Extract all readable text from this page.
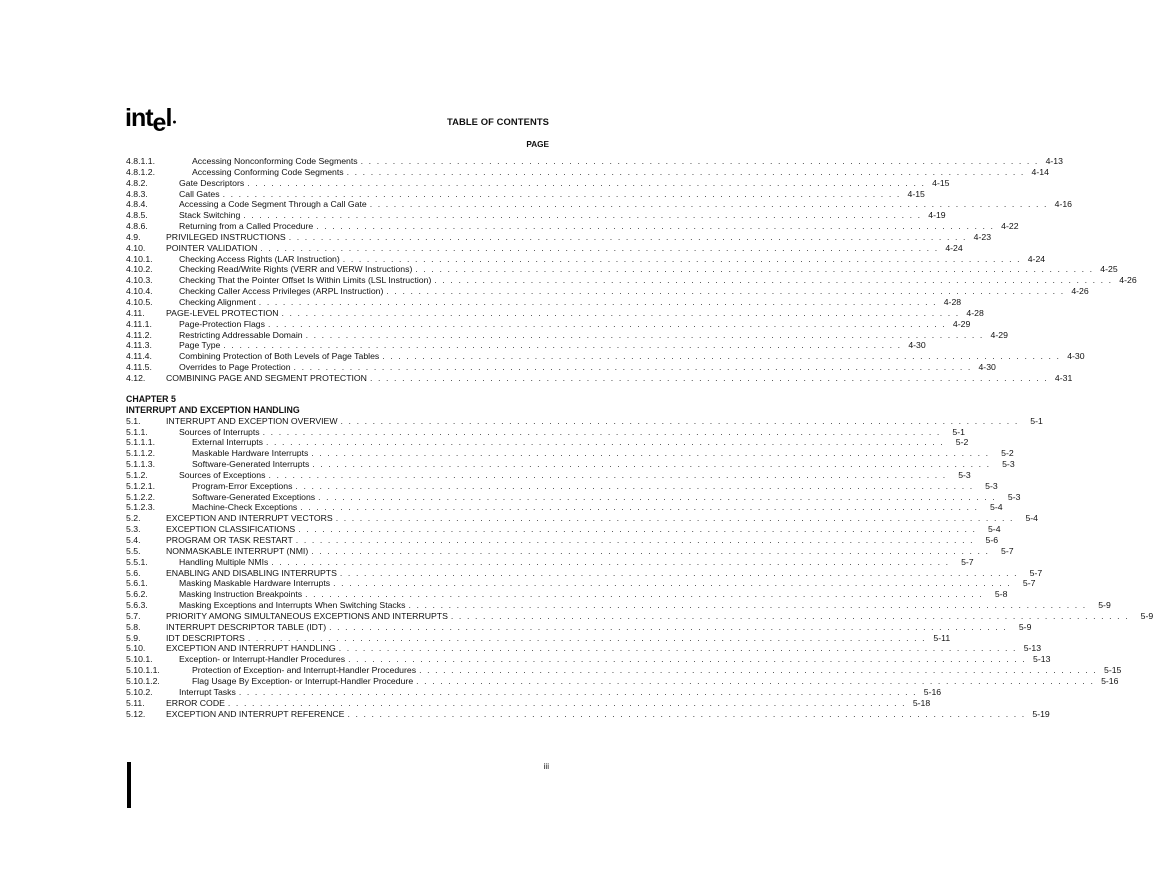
intel●	TABLE OF CONTENTS
PAGE
4.8.1.1.	Accessing Nonconforming Code Segments . . . . . . . . . . . . . . . . . . . . . . . . . . . . . . . . . . . . . . . . . . . . . . . . . . . . . . . . . . . . . . . . . . . . . . . . . . . . . . . . . . . . . 4-13
4.8.1.2.	Accessing Conforming Code Segments . . . . . . . . . . . . . . . . . . . . . . . . . . . . . . . . . . . . . . . . . . . . . . . . . . . . . . . . . . . . . . . . . . . . . . . . . . . . . . . . . . . . . 4-14
4.8.2.	Gate Descriptors . . . . . . . . . . . . . . . . . . . . . . . . . . . . . . . . . . . . . . . . . . . . . . . . . . . . . . . . . . . . . . . . . . . . . . . . . . . . . . . . . . . . . 4-15
4.8.3.	Call Gates . . . . . . . . . . . . . . . . . . . . . . . . . . . . . . . . . . . . . . . . . . . . . . . . . . . . . . . . . . . . . . . . . . . . . . . . . . . . . . . . . . . . . 4-15
4.8.4.	Accessing a Code Segment Through a Call Gate . . . . . . . . . . . . . . . . . . . . . . . . . . . . . . . . . . . . . . . . . . . . . . . . . . . . . . . . . . . . . . . . . . . . . . . . . . . . . . . . . . . . . 4-16
4.8.5.	Stack Switching . . . . . . . . . . . . . . . . . . . . . . . . . . . . . . . . . . . . . . . . . . . . . . . . . . . . . . . . . . . . . . . . . . . . . . . . . . . . . . . . . . . . . 4-19
4.8.6.	Returning from a Called Procedure . . . . . . . . . . . . . . . . . . . . . . . . . . . . . . . . . . . . . . . . . . . . . . . . . . . . . . . . . . . . . . . . . . . . . . . . . . . . . . . . . . . . . 4-22
4.9.	PRIVILEGED INSTRUCTIONS . . . . . . . . . . . . . . . . . . . . . . . . . . . . . . . . . . . . . . . . . . . . . . . . . . . . . . . . . . . . . . . . . . . . . . . . . . . . . . . . . . . . . 4-23
4.10. POINTER VALIDATION . . . . . . . . . . . . . . . . . . . . . . . . . . . . . . . . . . . . . . . . . . . . . . . . . . . . . . . . . . . . . . . . . . . . . . . . . . . . . . . . . . . . . 4-24
4.10.1.	Checking Access Rights (LAR Instruction) . . . . . . . . . . . . . . . . . . . . . . . . . . . . . . . . . . . . . . . . . . . . . . . . . . . . . . . . . . . . . . . . . . . . . . . . . . . . . . . . . . . . . 4-24
4.10.2.	Checking Read/Write Rights (VERR and VERW Instructions) . . . . . . . . . . . . . . . . . . . . . . . . . . . . . . . . . . . . . . . . . . . . . . . . . . . . . . . . . . . . . . . . . . . . . . . . . . . . . . . . . . . . . 4-25
4.10.3.	Checking That the Pointer Offset Is Within Limits (LSL Instruction) . . . . . . . . . . . . . . . . . . . . . . . . . . . . . . . . . . . . . . . . . . . . . . . . . . . . . . . . . . . . . . . . . . . . . . . . . . . . . . . . . . . . . 4-26
4.10.4.	Checking Caller Access Privileges (ARPL Instruction) . . . . . . . . . . . . . . . . . . . . . . . . . . . . . . . . . . . . . . . . . . . . . . . . . . . . . . . . . . . . . . . . . . . . . . . . . . . . . . . . . . . . . 4-26
4.10.5.	Checking Alignment . . . . . . . . . . . . . . . . . . . . . . . . . . . . . . . . . . . . . . . . . . . . . . . . . . . . . . . . . . . . . . . . . . . . . . . . . . . . . . . . . . . . . 4-28
4.11. PAGE-LEVEL PROTECTION . . . . . . . . . . . . . . . . . . . . . . . . . . . . . . . . . . . . . . . . . . . . . . . . . . . . . . . . . . . . . . . . . . . . . . . . . . . . . . . . . . . . . 4-28
4.11.1.	Page-Protection Flags . . . . . . . . . . . . . . . . . . . . . . . . . . . . . . . . . . . . . . . . . . . . . . . . . . . . . . . . . . . . . . . . . . . . . . . . . . . . . . . . . . . . . 4-29
4.11.2.	Restricting Addressable Domain . . . . . . . . . . . . . . . . . . . . . . . . . . . . . . . . . . . . . . . . . . . . . . . . . . . . . . . . . . . . . . . . . . . . . . . . . . . . . . . . . . . . . 4-29
4.11.3.	Page Type . . . . . . . . . . . . . . . . . . . . . . . . . . . . . . . . . . . . . . . . . . . . . . . . . . . . . . . . . . . . . . . . . . . . . . . . . . . . . . . . . . . . . 4-30
4.11.4.	Combining Protection of Both Levels of Page Tables . . . . . . . . . . . . . . . . . . . . . . . . . . . . . . . . . . . . . . . . . . . . . . . . . . . . . . . . . . . . . . . . . . . . . . . . . . . . . . . . . . . . . 4-30
4.11.5.	Overrides to Page Protection . . . . . . . . . . . . . . . . . . . . . . . . . . . . . . . . . . . . . . . . . . . . . . . . . . . . . . . . . . . . . . . . . . . . . . . . . . . . . . . . . . . . . 4-30
4.12. COMBINING PAGE AND SEGMENT PROTECTION . . . . . . . . . . . . . . . . . . . . . . . . . . . . . . . . . . . . . . . . . . . . . . . . . . . . . . . . . . . . . . . . . . . . . . . . . . . . . . . . . . . . . 4-31
CHAPTER 5
INTERRUPT AND EXCEPTION HANDLING
5.1.	INTERRUPT AND EXCEPTION OVERVIEW . . . . . . . . . . . . . . . . . . . . . . . . . . . . . . . . . . . . . . . . . . . . . . . . . . . . . . . . . . . . . . . . . . . . . . . . . . . . . . . . . . . . .	5-1
5.1.1.	Sources of Interrupts . . . . . . . . . . . . . . . . . . . . . . . . . . . . . . . . . . . . . . . . . . . . . . . . . . . . . . . . . . . . . . . . . . . . . . . . . . . . . . . . . . . . .	5-1
5.1.1.1.	External Interrupts . . . . . . . . . . . . . . . . . . . . . . . . . . . . . . . . . . . . . . . . . . . . . . . . . . . . . . . . . . . . . . . . . . . . . . . . . . . . . . . . . . . . .	5-2
5.1.1.2.	Maskable Hardware Interrupts . . . . . . . . . . . . . . . . . . . . . . . . . . . . . . . . . . . . . . . . . . . . . . . . . . . . . . . . . . . . . . . . . . . . . . . . . . . . . . . . . . . . .	5-2
5.1.1.3.	Software-Generated Interrupts . . . . . . . . . . . . . . . . . . . . . . . . . . . . . . . . . . . . . . . . . . . . . . . . . . . . . . . . . . . . . . . . . . . . . . . . . . . . . . . . . . . . .	5-3
5.1.2.	Sources of Exceptions . . . . . . . . . . . . . . . . . . . . . . . . . . . . . . . . . . . . . . . . . . . . . . . . . . . . . . . . . . . . . . . . . . . . . . . . . . . . . . . . . . . . .	5-3
5.1.2.1.	Program-Error Exceptions . . . . . . . . . . . . . . . . . . . . . . . . . . . . . . . . . . . . . . . . . . . . . . . . . . . . . . . . . . . . . . . . . . . . . . . . . . . . . . . . . . . . .	5-3
5.1.2.2.	Software-Generated Exceptions . . . . . . . . . . . . . . . . . . . . . . . . . . . . . . . . . . . . . . . . . . . . . . . . . . . . . . . . . . . . . . . . . . . . . . . . . . . . . . . . . . . . .	5-3
5.1.2.3.	Machine-Check Exceptions . . . . . . . . . . . . . . . . . . . . . . . . . . . . . . . . . . . . . . . . . . . . . . . . . . . . . . . . . . . . . . . . . . . . . . . . . . . . . . . . . . . . .	5-4
5.2.	EXCEPTION AND INTERRUPT VECTORS . . . . . . . . . . . . . . . . . . . . . . . . . . . . . . . . . . . . . . . . . . . . . . . . . . . . . . . . . . . . . . . . . . . . . . . . . . . . . . . . . . . . .	5-4
5.3.	EXCEPTION CLASSIFICATIONS . . . . . . . . . . . . . . . . . . . . . . . . . . . . . . . . . . . . . . . . . . . . . . . . . . . . . . . . . . . . . . . . . . . . . . . . . . . . . . . . . . . . .	5-4
5.4.	PROGRAM OR TASK RESTART . . . . . . . . . . . . . . . . . . . . . . . . . . . . . . . . . . . . . . . . . . . . . . . . . . . . . . . . . . . . . . . . . . . . . . . . . . . . . . . . . . . . .	5-6
5.5.	NONMASKABLE INTERRUPT (NMI) . . . . . . . . . . . . . . . . . . . . . . . . . . . . . . . . . . . . . . . . . . . . . . . . . . . . . . . . . . . . . . . . . . . . . . . . . . . . . . . . . . . . .	5-7
5.5.1.	Handling Multiple NMIs . . . . . . . . . . . . . . . . . . . . . . . . . . . . . . . . . . . . . . . . . . . . . . . . . . . . . . . . . . . . . . . . . . . . . . . . . . . . . . . . . . . . .	5-7
5.6.	ENABLING AND DISABLING INTERRUPTS . . . . . . . . . . . . . . . . . . . . . . . . . . . . . . . . . . . . . . . . . . . . . . . . . . . . . . . . . . . . . . . . . . . . . . . . . . . . . . . . . . . . .	5-7
5.6.1.	Masking Maskable Hardware Interrupts . . . . . . . . . . . . . . . . . . . . . . . . . . . . . . . . . . . . . . . . . . . . . . . . . . . . . . . . . . . . . . . . . . . . . . . . . . . . . . . . . . . . .	5-7
5.6.2.	Masking Instruction Breakpoints . . . . . . . . . . . . . . . . . . . . . . . . . . . . . . . . . . . . . . . . . . . . . . . . . . . . . . . . . . . . . . . . . . . . . . . . . . . . . . . . . . . . .	5-8
5.6.3.	Masking Exceptions and Interrupts When Switching Stacks . . . . . . . . . . . . . . . . . . . . . . . . . . . . . . . . . . . . . . . . . . . . . . . . . . . . . . . . . . . . . . . . . . . . . . . . . . . . . . . . . . . . .	5-9
5.7.	PRIORITY AMONG SIMULTANEOUS EXCEPTIONS AND INTERRUPTS . . . . . . . . . . . . . . . . . . . . . . . . . . . . . . . . . . . . . . . . . . . . . . . . . . . . . . . . . . . . . . . . . . . . . . . . . . . . . . . . . . . . .	5-9
5.8.	INTERRUPT DESCRIPTOR TABLE (IDT) . . . . . . . . . . . . . . . . . . . . . . . . . . . . . . . . . . . . . . . . . . . . . . . . . . . . . . . . . . . . . . . . . . . . . . . . . . . . . . . . . . . . .	5-9
5.9.	IDT DESCRIPTORS . . . . . . . . . . . . . . . . . . . . . . . . . . . . . . . . . . . . . . . . . . . . . . . . . . . . . . . . . . . . . . . . . . . . . . . . . . . . . . . . . . . . . 5-11
5.10. EXCEPTION AND INTERRUPT HANDLING . . . . . . . . . . . . . . . . . . . . . . . . . . . . . . . . . . . . . . . . . . . . . . . . . . . . . . . . . . . . . . . . . . . . . . . . . . . . . . . . . . . . . 5-13
5.10.1.	Exception- or Interrupt-Handler Procedures . . . . . . . . . . . . . . . . . . . . . . . . . . . . . . . . . . . . . . . . . . . . . . . . . . . . . . . . . . . . . . . . . . . . . . . . . . . . . . . . . . . . . 5-13
5.10.1.1.	Protection of Exception- and Interrupt-Handler Procedures . . . . . . . . . . . . . . . . . . . . . . . . . . . . . . . . . . . . . . . . . . . . . . . . . . . . . . . . . . . . . . . . . . . . . . . . . . . . . . . . . . . . . 5-15
5.10.1.2.	Flag Usage By Exception- or Interrupt-Handler Procedure . . . . . . . . . . . . . . . . . . . . . . . . . . . . . . . . . . . . . . . . . . . . . . . . . . . . . . . . . . . . . . . . . . . . . . . . . . . . . . . . . . . . . 5-16
5.10.2.	Interrupt Tasks . . . . . . . . . . . . . . . . . . . . . . . . . . . . . . . . . . . . . . . . . . . . . . . . . . . . . . . . . . . . . . . . . . . . . . . . . . . . . . . . . . . . . 5-16
5.11. ERROR CODE . . . . . . . . . . . . . . . . . . . . . . . . . . . . . . . . . . . . . . . . . . . . . . . . . . . . . . . . . . . . . . . . . . . . . . . . . . . . . . . . . . . . . 5-18
5.12. EXCEPTION AND INTERRUPT REFERENCE . . . . . . . . . . . . . . . . . . . . . . . . . . . . . . . . . . . . . . . . . . . . . . . . . . . . . . . . . . . . . . . . . . . . . . . . . . . . . . . . . . . . . 5-19
iii
